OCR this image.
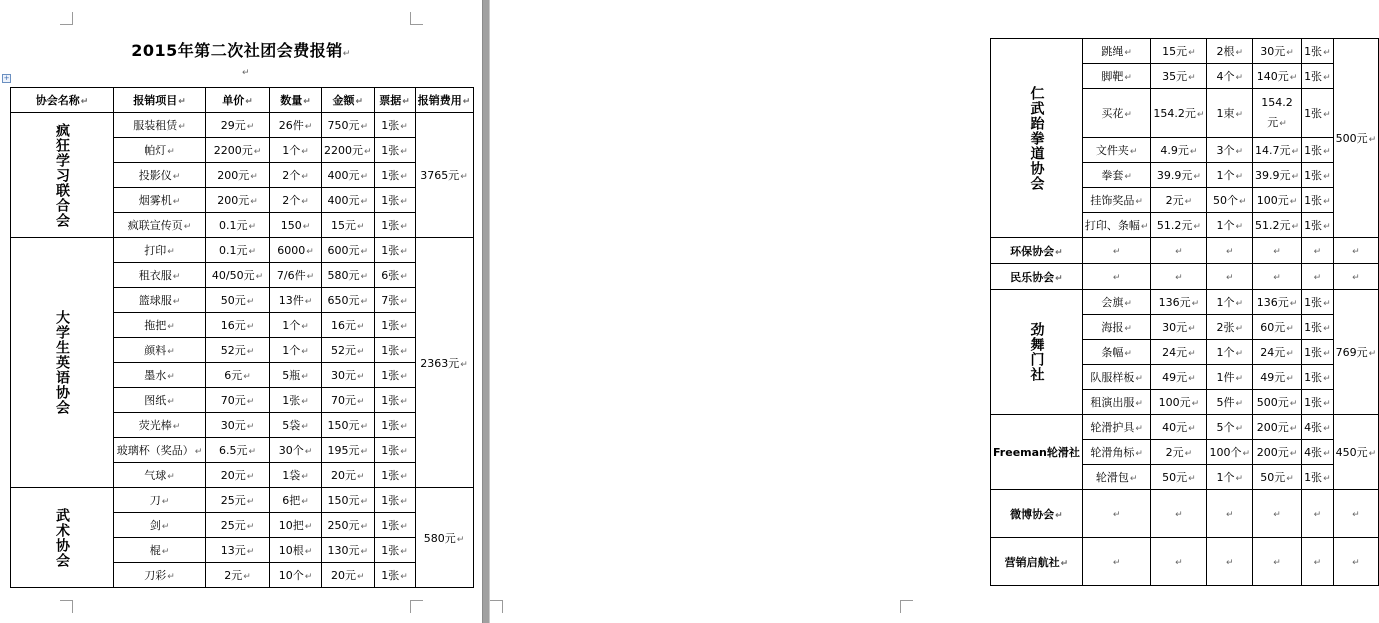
2015年第二次社团会费报销↵
+	↵
协会名称↵	报销项目↵	单价↵	数量↵	金额↵	票据↵	报销费用↵

疯狂学习联合会	服装租赁↵	29元↵	26件↵	750元↵	1张↵	3765元↵
	帕灯↵	2200元↵	1个↵	2200元↵	1张↵	
	投影仪↵	200元↵	2个↵	400元↵	1张↵	
	烟雾机↵	200元↵	2个↵	400元↵	1张↵	
	疯联宣传页↵	0.1元↵	150↵	15元↵	1张↵	

大学生英语协会	打印↵	0.1元↵	6000↵	600元↵	1张↵	2363元↵
	租衣服↵	40/50元↵	7/6件↵	580元↵	6张↵	
	篮球服↵	50元↵	13件↵	650元↵	7张↵	
	拖把↵	16元↵	1个↵	16元↵	1张↵	
	颜料↵	52元↵	1个↵	52元↵	1张↵	
	墨水↵	6元↵	5瓶↵	30元↵	1张↵	
	图纸↵	70元↵	1张↵	70元↵	1张↵	
	荧光棒↵	30元↵	5袋↵	150元↵	1张↵	
	玻璃杯（奖品）↵	6.5元↵	30个↵	195元↵	1张↵	
	气球↵	20元↵	1袋↵	20元↵	1张↵	

武术协会	刀↵	25元↵	6把↵	150元↵	1张↵	580元↵
	剑↵	25元↵	10把↵	250元↵	1张↵	
	棍↵	13元↵	10根↵	130元↵	1张↵	
	刀彩↵	2元↵	10个↵	20元↵	1张↵	
仁武跆拳道协会	跳绳↵	15元↵	2根↵	30元↵	1张↵	500元↵
	脚靶↵	35元↵	4个↵	140元↵	1张↵	
	买花↵	154.2元↵	1束↵	154.2
元↵	1张↵	
	文件夹↵	4.9元↵	3个↵	14.7元↵	1张↵	
	拳套↵	39.9元↵	1个↵	39.9元↵	1张↵	
	挂饰奖品↵	2元↵	50个↵	100元↵	1张↵	
	打印、条幅↵	51.2元↵	1个↵	51.2元↵	1张↵	
环保协会↵	↵	↵	↵	↵	↵	↵
民乐协会↵	↵	↵	↵	↵	↵	↵

劲舞门社	会旗↵	136元↵	1个↵	136元↵	1张↵	769元↵
	海报↵	30元↵	2张↵	60元↵	1张↵	
	条幅↵	24元↵	1个↵	24元↵	1张↵	
	队服样板↵	49元↵	1件↵	49元↵	1张↵	
	租演出服↵	100元↵	5件↵	500元↵	1张↵	

Freeman轮滑社	轮滑护具↵	40元↵	5个↵	200元↵	4张↵	450元↵
	轮滑角标↵	2元↵	100个↵	200元↵	4张↵	
	轮滑包↵	50元↵	1个↵	50元↵	1张↵	
微博协会↵	↵	↵	↵	↵	↵	↵
营销启航社↵	↵	↵	↵	↵	↵	↵
